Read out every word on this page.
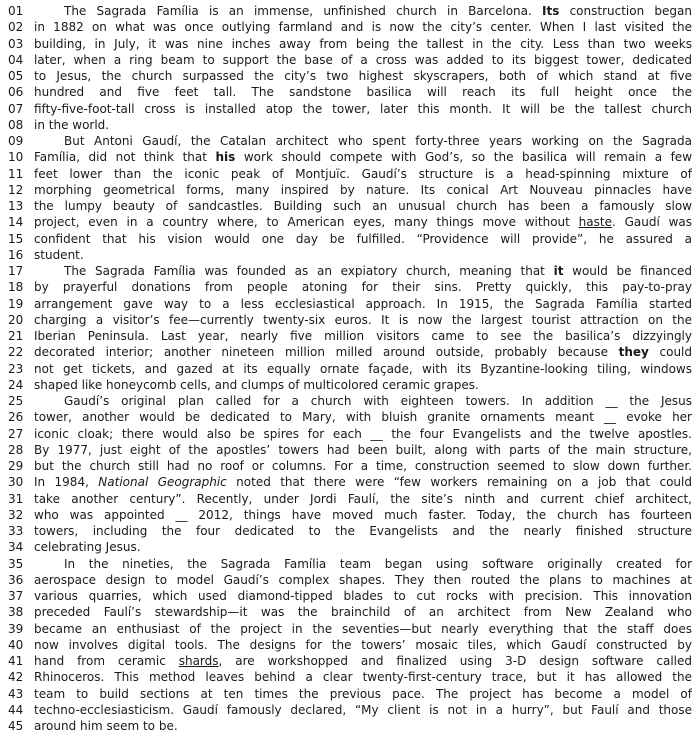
01	The Sagrada Família is an immense, unfinished church in Barcelona. Its construction began
02 in 1882 on what was once outlying farmland and is now the city’s center. When I last visited the
03 building, in July, it was nine inches away from being the tallest in the city. Less than two weeks
04 later, when a ring beam to support the base of a cross was added to its biggest tower, dedicated
05 to Jesus, the church surpassed the city’s two highest skyscrapers, both of which stand at five
06 hundred and five feet tall. The sandstone basilica will reach its full height once the
07 fifty-five-foot-tall cross is installed atop the tower, later this month. It will be the tallest church
08 in the world.
09	But Antoni Gaudí, the Catalan architect who spent forty-three years working on the Sagrada
10 Família, did not think that his work should compete with God’s, so the basilica will remain a few
11 feet lower than the iconic peak of Montjuïc. Gaudí’s structure is a head-spinning mixture of
12 morphing geometrical forms, many inspired by nature. Its conical Art Nouveau pinnacles have
13 the lumpy beauty of sandcastles. Building such an unusual church has been a famously slow
14 project, even in a country where, to American eyes, many things move without haste. Gaudí was
15 confident that his vision would one day be fulfilled. “Providence will provide”, he assured a
16 student.
17	The Sagrada Família was founded as an expiatory church, meaning that it would be financed
18 by prayerful donations from people atoning for their sins. Pretty quickly, this pay-to-pray
19 arrangement gave way to a less ecclesiastical approach. In 1915, the Sagrada Família started
20 charging a visitor’s fee—currently twenty-six euros. It is now the largest tourist attraction on the
21 Iberian Peninsula. Last year, nearly five million visitors came to see the basilica’s dizzyingly
22 decorated interior; another nineteen million milled around outside, probably because they could
23 not get tickets, and gazed at its equally ornate façade, with its Byzantine-looking tiling, windows
24 shaped like honeycomb cells, and clumps of multicolored ceramic grapes.
25	Gaudí’s original plan called for a church with eighteen towers. In addition __ the Jesus
26 tower, another would be dedicated to Mary, with bluish granite ornaments meant __ evoke her
27 iconic cloak; there would also be spires for each __ the four Evangelists and the twelve apostles.
28 By 1977, just eight of the apostles’ towers had been built, along with parts of the main structure,
29 but the church still had no roof or columns. For a time, construction seemed to slow down further.
30 In 1984, National Geographic noted that there were “few workers remaining on a job that could
31 take another century”. Recently, under Jordi Faulí, the site’s ninth and current chief architect,
32 who was appointed __ 2012, things have moved much faster. Today, the church has fourteen
33 towers, including the four dedicated to the Evangelists and the nearly finished structure
34 celebrating Jesus.
35	In the nineties, the Sagrada Família team began using software originally created for
36 aerospace design to model Gaudí’s complex shapes. They then routed the plans to machines at
37 various quarries, which used diamond-tipped blades to cut rocks with precision. This innovation
38 preceded Faulí’s stewardship—it was the brainchild of an architect from New Zealand who
39 became an enthusiast of the project in the seventies—but nearly everything that the staff does
40 now involves digital tools. The designs for the towers’ mosaic tiles, which Gaudí constructed by
41 hand from ceramic shards, are workshopped and finalized using 3-D design software called
42 Rhinoceros. This method leaves behind a clear twenty-first-century trace, but it has allowed the
43 team to build sections at ten times the previous pace. The project has become a model of
44 techno-ecclesiasticism. Gaudí famously declared, “My client is not in a hurry”, but Faulí and those
45 around him seem to be.
